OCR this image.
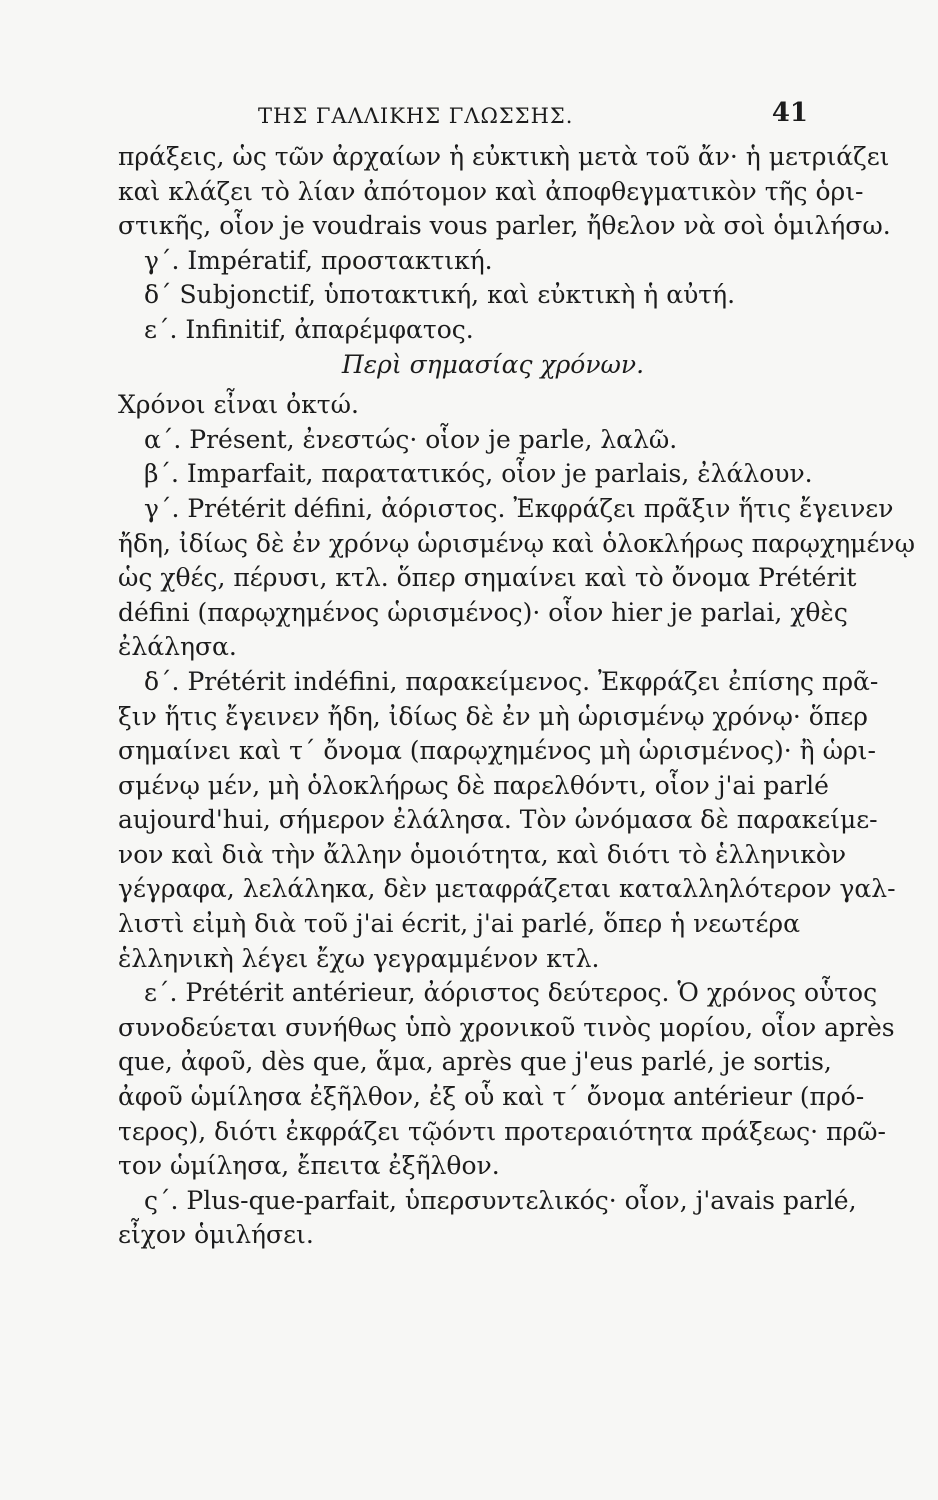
ΤΗΣ ΓΑΛΛΙΚΗΣ ΓΛΩΣΣΗΣ.	41
πράξεις, ὡς τῶν ἀρχαίων ἡ εὐκτικὴ μετὰ τοῦ ἄν· ἡ μετριάζει
καὶ κλάζει τὸ λίαν ἀπότομον καὶ ἀποφθεγματικὸν τῆς ὁρι-
στικῆς, οἷον je voudrais vous parler, ἤθελον νὰ σοὶ ὁμιλήσω.
γ΄. Impératif, προστακτική.
δ΄ Subjonctif, ὑποτακτική, καὶ εὐκτικὴ ἡ αὐτή.
ε΄. Infinitif, ἀπαρέμφατος.
Περὶ σημασίας χρόνων.
Χρόνοι εἶναι ὀκτώ.
α΄. Présent, ἐνεστώς· οἷον je parle, λαλῶ.
β΄. Imparfait, παρατατικός, οἷον je parlais, ἐλάλουν.
γ΄. Prétérit défini, ἀόριστος. Ἐκφράζει πρᾶξιν ἥτις ἔγεινεν
ἤδη, ἰδίως δὲ ἐν χρόνῳ ὡρισμένῳ καὶ ὁλοκλήρως παρῳχημένῳ
ὡς χθές, πέρυσι, κτλ. ὅπερ σημαίνει καὶ τὸ ὄνομα Prétérit
défini (παρῳχημένος ὡρισμένος)· οἷον hier je parlai, χθὲς
ἐλάλησα.
δ΄. Prétérit indéfini, παρακείμενος. Ἐκφράζει ἐπίσης πρᾶ-
ξιν ἥτις ἔγεινεν ἤδη, ἰδίως δὲ ἐν μὴ ὡρισμένῳ χρόνῳ· ὅπερ
σημαίνει καὶ τ΄ ὄνομα (παρῳχημένος μὴ ὡρισμένος)· ἢ ὡρι-
σμένῳ μέν, μὴ ὁλοκλήρως δὲ παρελθόντι, οἷον j'ai parlé
aujourd'hui, σήμερον ἐλάλησα. Τὸν ὠνόμασα δὲ παρακείμε-
νον καὶ διὰ τὴν ἄλλην ὁμοιότητα, καὶ διότι τὸ ἑλληνικὸν
γέγραφα, λελάληκα, δὲν μεταφράζεται καταλληλότερον γαλ-
λιστὶ εἰμὴ διὰ τοῦ j'ai écrit, j'ai parlé, ὅπερ ἡ νεωτέρα
ἑλληνικὴ λέγει ἔχω γεγραμμένον κτλ.
ε΄. Prétérit antérieur, ἀόριστος δεύτερος. Ὁ χρόνος οὗτος
συνοδεύεται συνήθως ὑπὸ χρονικοῦ τινὸς μορίου, οἷον après
que, ἀφοῦ, dès que, ἅμα, après que j'eus parlé, je sortis,
ἀφοῦ ὡμίλησα ἐξῆλθον, ἐξ οὗ καὶ τ΄ ὄνομα antérieur (πρό-
τερος), διότι ἐκφράζει τῷόντι προτεραιότητα πράξεως· πρῶ-
τον ὡμίλησα, ἔπειτα ἐξῆλθον.
ς΄. Plus-que-parfait, ὑπερσυντελικός· οἷον, j'avais parlé,
εἶχον ὁμιλήσει.
